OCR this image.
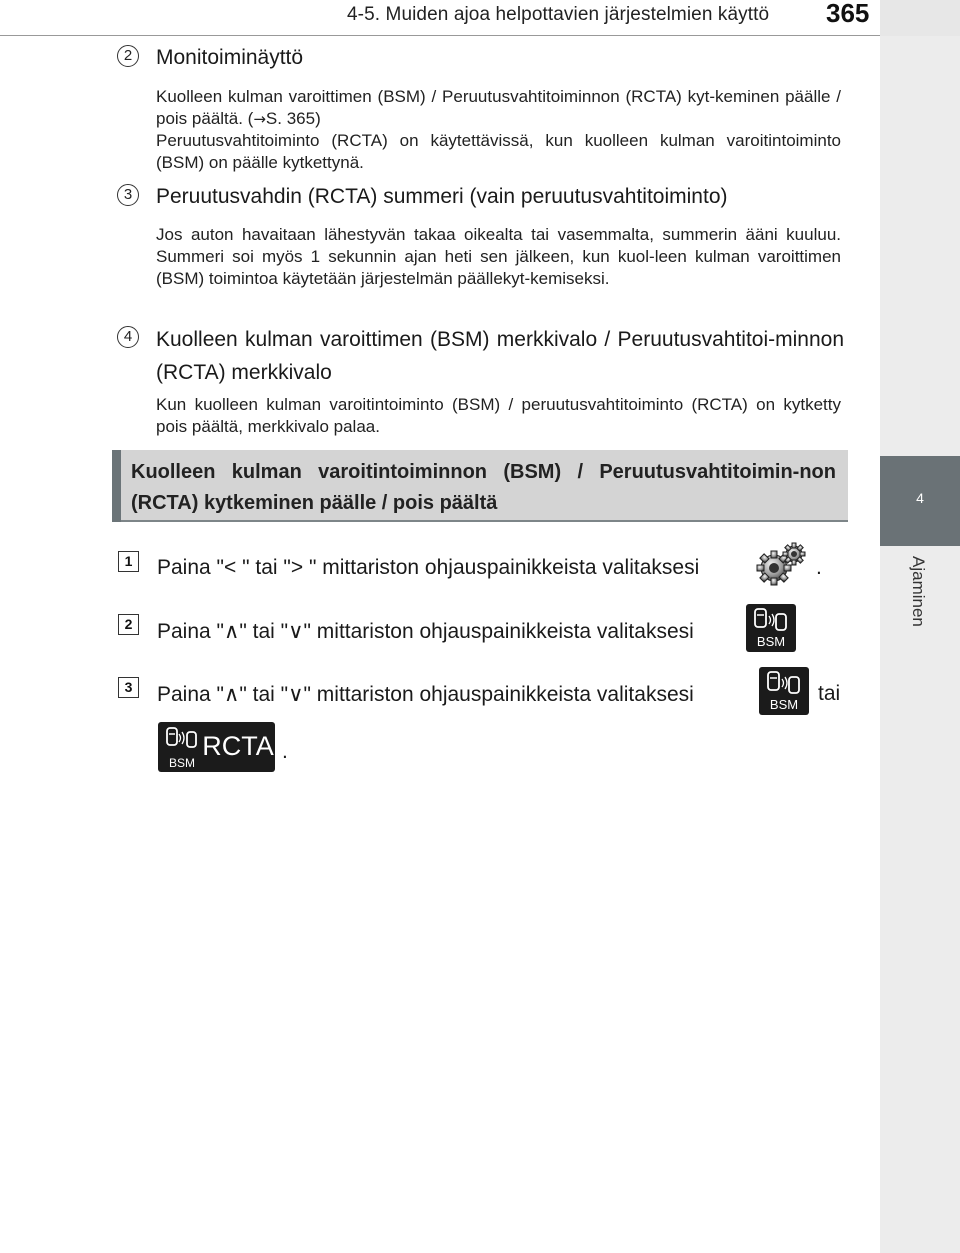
4-5. Muiden ajoa helpottavien järjestelmien käyttö 365
4
Ajaminen
2	Monitoiminäyttö
Kuolleen kulman varoittimen (BSM) / Peruutusvahtitoiminnon (RCTA) kyt-keminen päälle / pois päältä. (→S. 365)
Peruutusvahtitoiminto (RCTA) on käytettävissä, kun kuolleen kulman varoitintoiminto (BSM) on päälle kytkettynä.
3	Peruutusvahdin (RCTA) summeri (vain peruutusvahtitoiminto)
Jos auton havaitaan lähestyvän takaa oikealta tai vasemmalta, summerin ääni kuuluu. Summeri soi myös 1 sekunnin ajan heti sen jälkeen, kun kuol-leen kulman varoittimen (BSM) toimintoa käytetään järjestelmän päällekyt-kemiseksi.
4	Kuolleen kulman varoittimen (BSM) merkkivalo / Peruutusvahtitoi-minnon (RCTA) merkkivalo
Kun kuolleen kulman varoitintoiminto (BSM) / peruutusvahtitoiminto (RCTA) on kytketty pois päältä, merkkivalo palaa.
Kuolleen kulman varoitintoiminnon (BSM) / Peruutusvahtitoimin-non (RCTA) kytkeminen päälle / pois päältä
1	Paina "< " tai "> " mittariston ohjauspainikkeista valitaksesi	.
2	Paina "∧" tai "∨" mittariston ohjauspainikkeista valitaksesi	BSM
3	Paina "∧" tai "∨" mittariston ohjauspainikkeista valitaksesi	BSM tai
BSM
RCTA .
